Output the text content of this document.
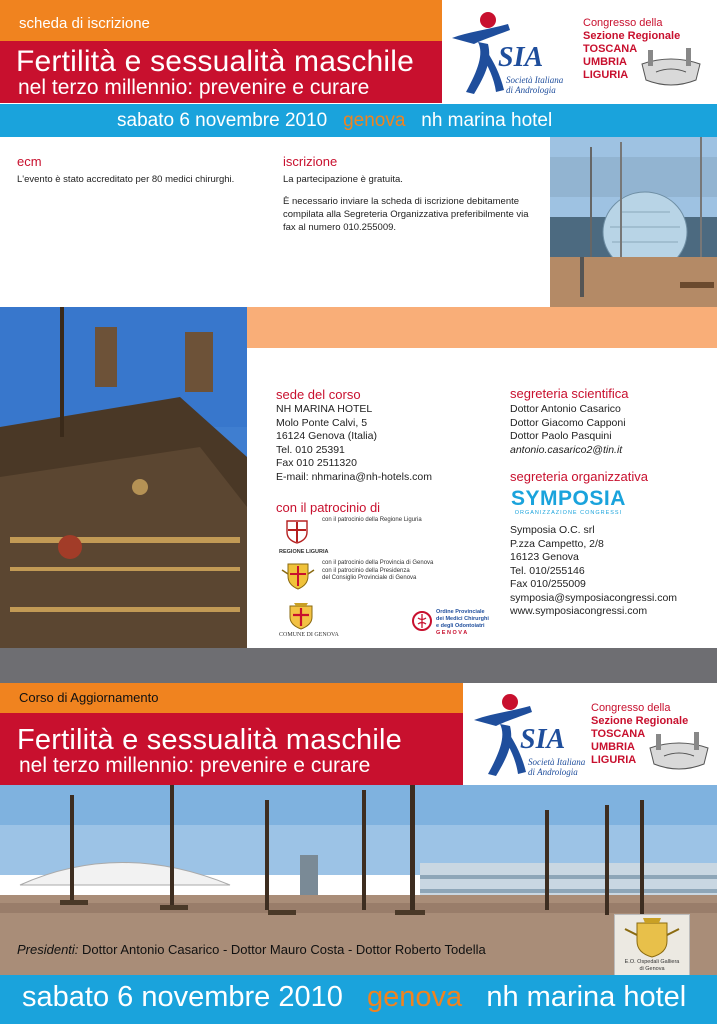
scheda di iscrizione
Fertilità e sessualità maschile
nel terzo millennio: prevenire e curare
SIA
Società Italiana
di Andrologia
Congresso della
Sezione Regionale
TOSCANA
UMBRIA
LIGURIA
sabato 6 novembre 2010 genova nh marina hotel
ecm
L'evento è stato accreditato per 80 medici chirurghi.
iscrizione
La partecipazione è gratuita.
È necessario inviare la scheda di iscrizione debitamente
compilata alla Segreteria Organizzativa preferibilmente via
fax al numero 010.255009.
sede del corso
NH MARINA HOTEL
Molo Ponte Calvi, 5
16124 Genova (Italia)
Tel. 010 25391
Fax 010 2511320
E-mail: nhmarina@nh-hotels.com
con il patrocinio di
REGIONE LIGURIA
con il patrocinio della Regione Liguria
con il patrocinio della Provincia di Genova
con il patrocinio della Presidenza
del Consiglio Provinciale di Genova
COMUNE DI GENOVA
Ordine Provinciale
dei Medici Chirurghi
e degli Odontoiatri
G E N O V A
segreteria scientifica
Dottor Antonio Casarico
Dottor Giacomo Capponi
Dottor Paolo Pasquini
antonio.casarico2@tin.it
segreteria organizzativa
SYMPOSIA
ORGANIZZAZIONE CONGRESSI
Symposia O.C. srl
P.zza Campetto, 2/8
16123 Genova
Tel. 010/255146
Fax 010/255009
symposia@symposiacongressi.com
www.symposiacongressi.com
Corso di Aggiornamento
Fertilità e sessualità maschile
nel terzo millennio: prevenire e curare
SIA
Società Italiana
di Andrologia
Congresso della
Sezione Regionale
TOSCANA
UMBRIA
LIGURIA
Presidenti: Dottor Antonio Casarico - Dottor Mauro Costa - Dottor Roberto Todella
E.O. Ospedali Galliera
di Genova
sabato 6 novembre 2010 genova nh marina hotel
